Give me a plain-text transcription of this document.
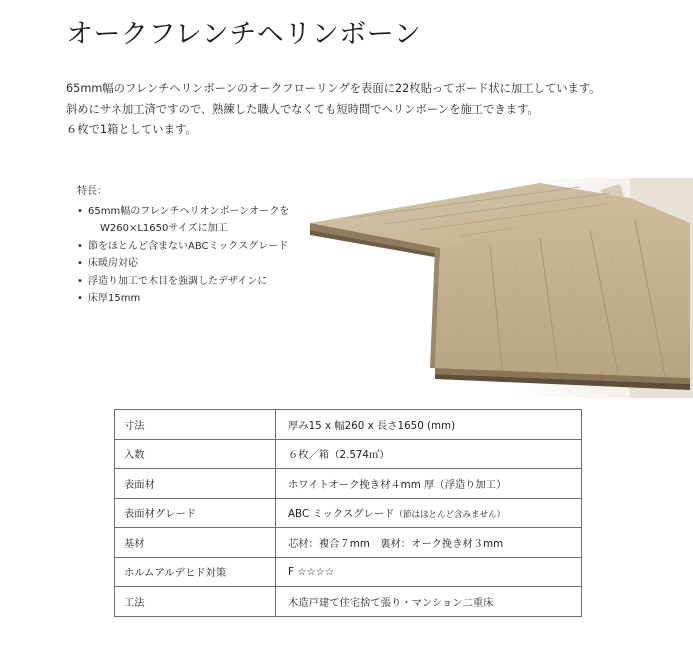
オークフレンチヘリンボーン
65mm幅のフレンチヘリンボーンのオークフローリングを表面に22枚貼ってボード状に加工しています。
斜めにサネ加工済ですので、熟練した職人でなくても短時間でヘリンボーンを施工できます。
６枚で1箱としています。
特長：
• 65mm幅のフレンチヘリオンボーンオークを
W260×L1650サイズに加工
• 節をほとんど含まないABCミックスグレード
• 床暖房対応
• 浮造り加工で木目を強調したデザインに
• 床厚15mm
寸法	厚み15 x 幅260 x 長さ1650 (mm)
入数	６枚／箱（2.574㎡）
表面材	ホワイトオーク挽き材４mm 厚（浮造り加工）
表面材グレード	ABC ミックスグレード（節はほとんど含みません）
基材	芯材：複合７mm　裏材：オーク挽き材３mm
ホルムアルデヒド対策	F ☆☆☆☆
工法	木造戸建て住宅捨て張り・マンション二重床
